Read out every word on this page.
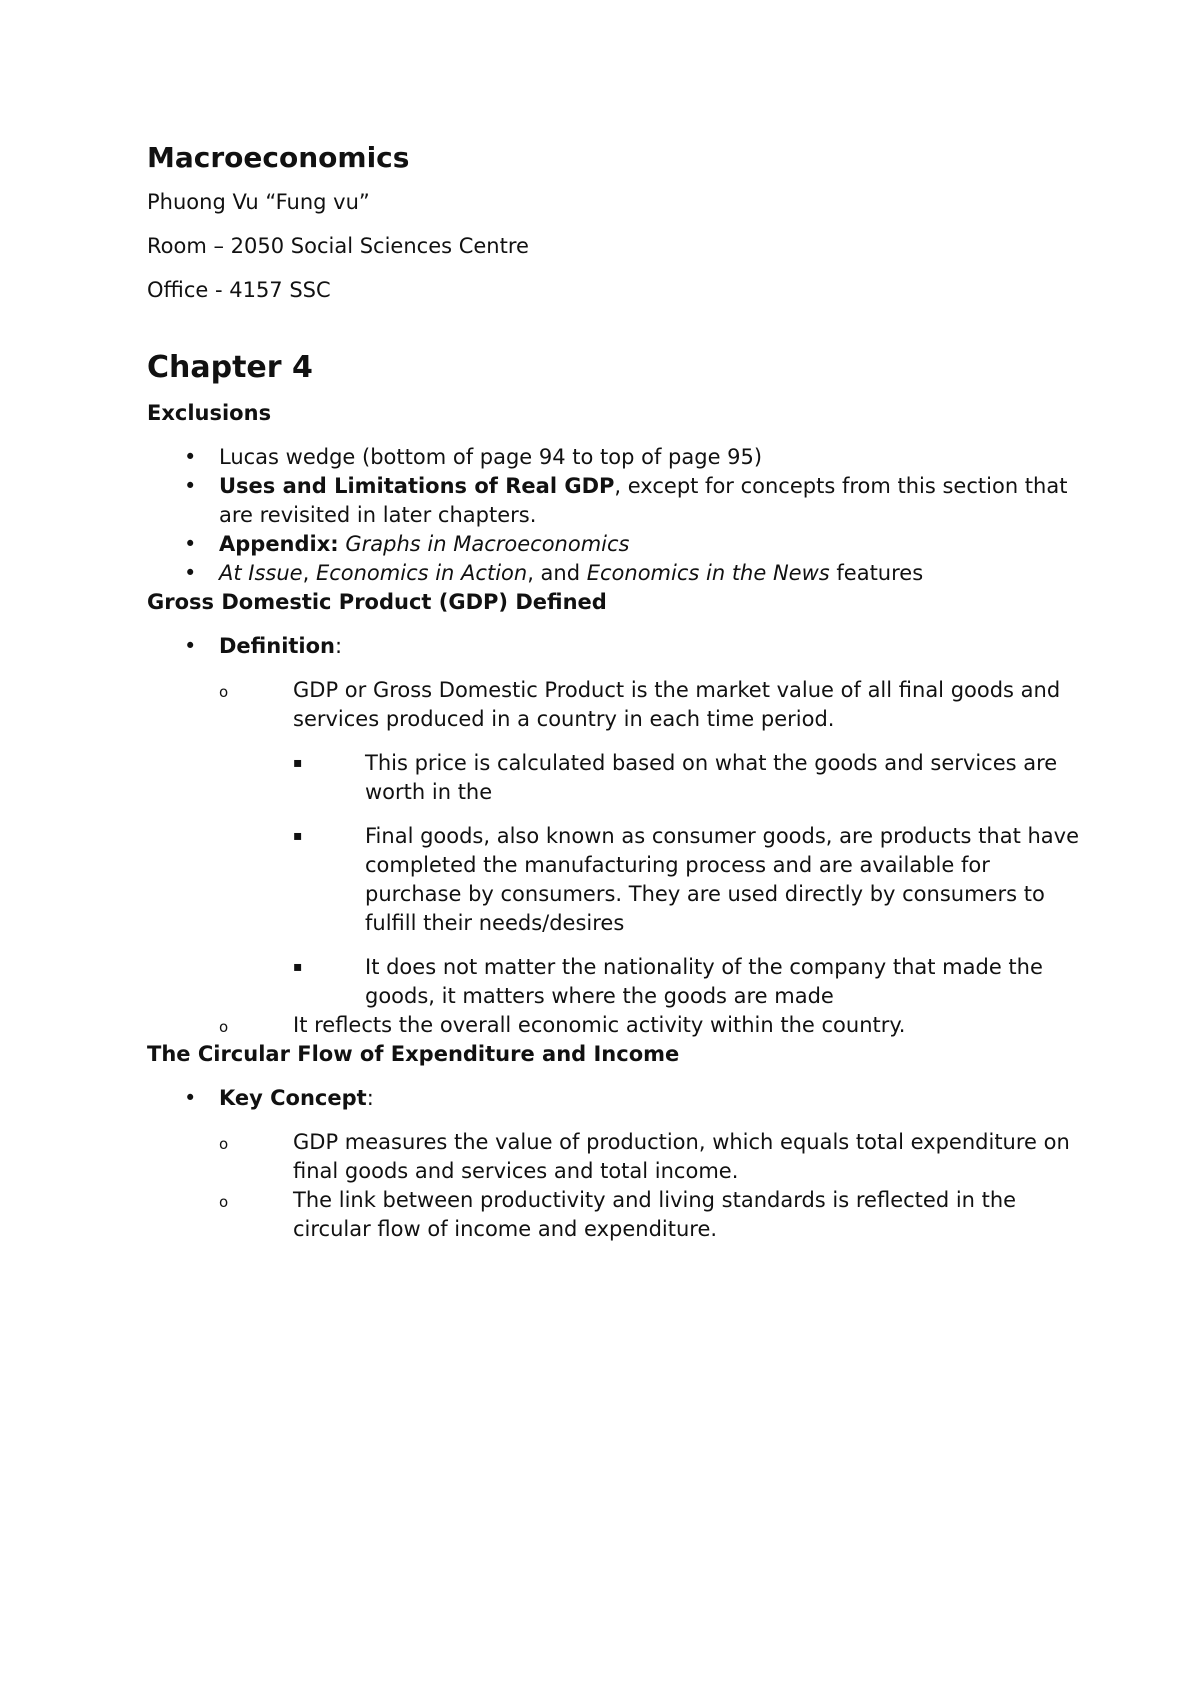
Macroeconomics

Phuong Vu “Fung vu”

Room – 2050 Social Sciences Centre

Office - 4157 SSC

Chapter 4
Exclusions
• Lucas wedge (bottom of page 94 to top of page 95)
• Uses and Limitations of Real GDP, except for concepts from this section that are revisited in later chapters.
• Appendix: Graphs in Macroeconomics
• At Issue, Economics in Action, and Economics in the News features
Gross Domestic Product (GDP) Defined
• Definition:
o	GDP or Gross Domestic Product is the market value of all final goods and services produced in a country in each time period.
▪	This price is calculated based on what the goods and services are worth in the
▪	Final goods, also known as consumer goods, are products that have completed the manufacturing process and are available for purchase by consumers. They are used directly by consumers to fulfill their needs/desires
▪	It does not matter the nationality of the company that made the goods, it matters where the goods are made
o	It reflects the overall economic activity within the country.
The Circular Flow of Expenditure and Income
• Key Concept:
o	GDP measures the value of production, which equals total expenditure on final goods and services and total income.
o	The link between productivity and living standards is reflected in the circular flow of income and expenditure.
